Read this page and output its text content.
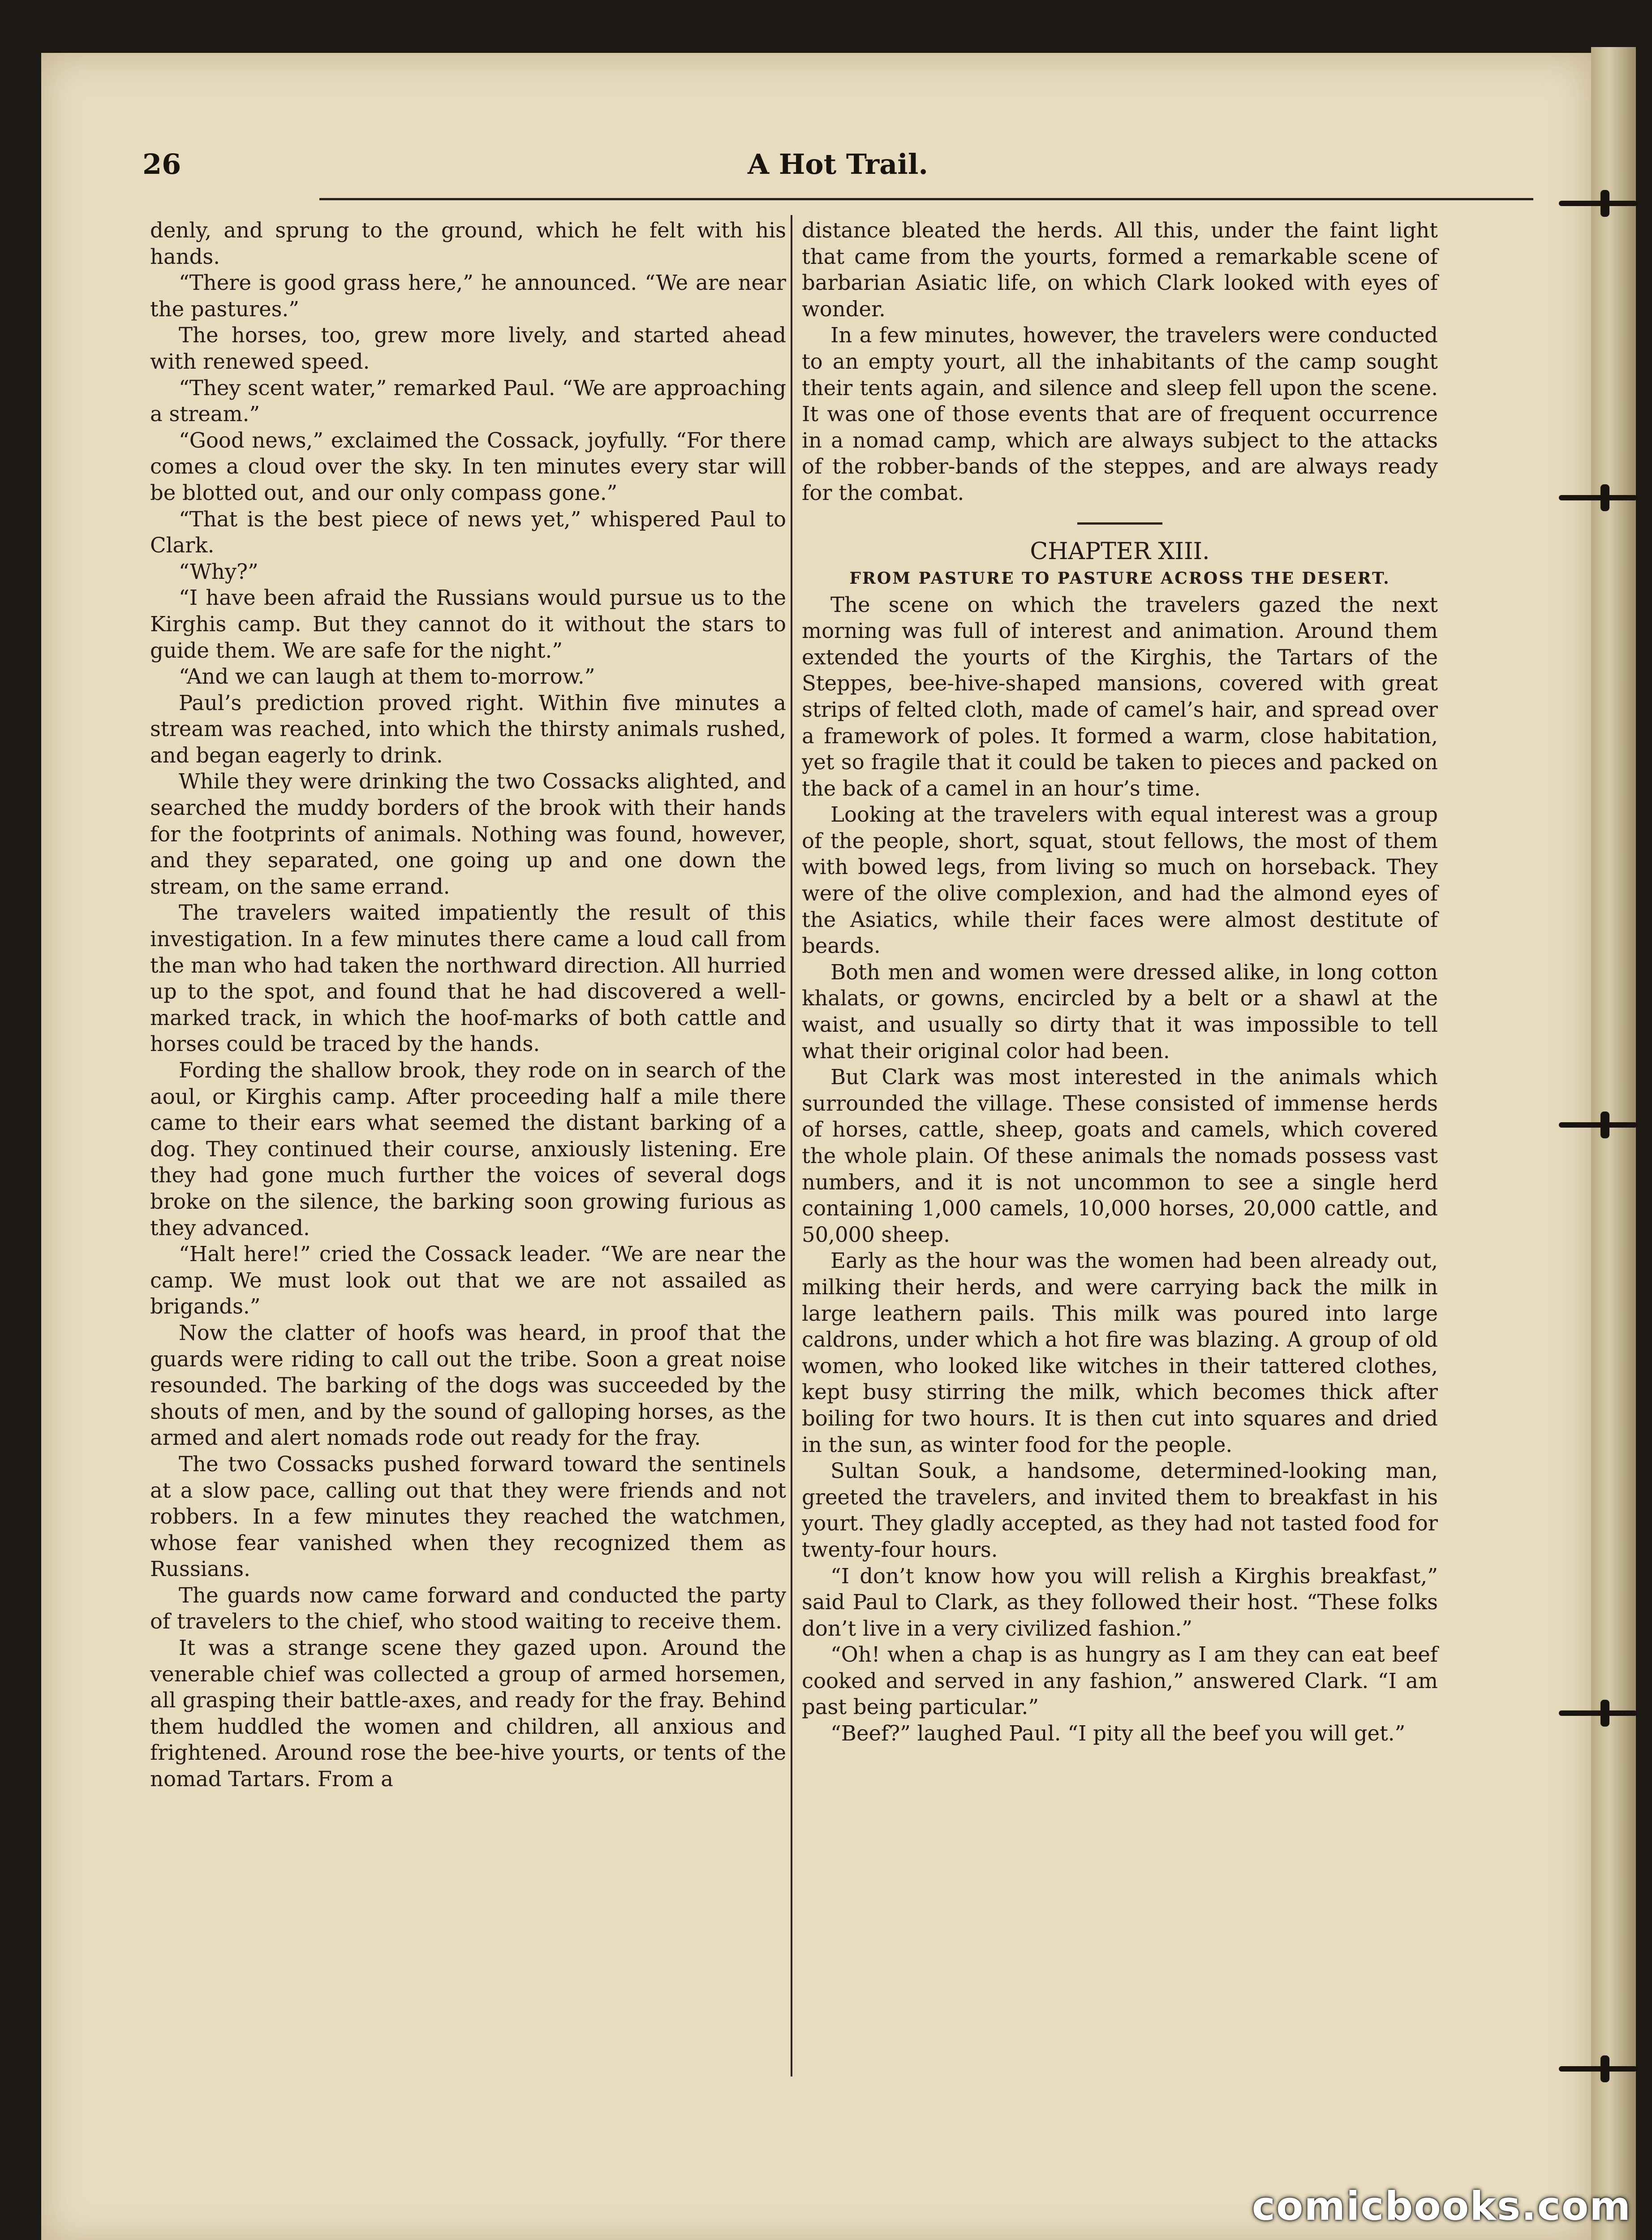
26	A Hot Trail.

denly, and sprung to the ground, which he felt with his hands.

“There is good grass here,” he announced. “We are near the pastures.”

The horses, too, grew more lively, and started ahead with renewed speed.

“They scent water,” remarked Paul. “We are approaching a stream.”

“Good news,” exclaimed the Cossack, joyfully. “For there comes a cloud over the sky. In ten minutes every star will be blotted out, and our only compass gone.”

“That is the best piece of news yet,” whispered Paul to Clark.

“Why?”

“I have been afraid the Russians would pursue us to the Kirghis camp. But they cannot do it without the stars to guide them. We are safe for the night.”

“And we can laugh at them to-morrow.”

Paul’s prediction proved right. Within five minutes a stream was reached, into which the thirsty animals rushed, and began eagerly to drink.

While they were drinking the two Cossacks alighted, and searched the muddy borders of the brook with their hands for the footprints of animals. Nothing was found, however, and they separated, one going up and one down the stream, on the same errand.

The travelers waited impatiently the result of this investigation. In a few minutes there came a loud call from the man who had taken the northward direction. All hurried up to the spot, and found that he had discovered a well-marked track, in which the hoof-marks of both cattle and horses could be traced by the hands.

Fording the shallow brook, they rode on in search of the aoul, or Kirghis camp. After proceeding half a mile there came to their ears what seemed the distant barking of a dog. They continued their course, anxiously listening. Ere they had gone much further the voices of several dogs broke on the silence, the barking soon growing furious as they advanced.

“Halt here!” cried the Cossack leader. “We are near the camp. We must look out that we are not assailed as brigands.”

Now the clatter of hoofs was heard, in proof that the guards were riding to call out the tribe. Soon a great noise resounded. The barking of the dogs was succeeded by the shouts of men, and by the sound of galloping horses, as the armed and alert nomads rode out ready for the fray.

The two Cossacks pushed forward toward the sentinels at a slow pace, calling out that they were friends and not robbers. In a few minutes they reached the watchmen, whose fear vanished when they recognized them as Russians.

The guards now came forward and conducted the party of travelers to the chief, who stood waiting to receive them.

It was a strange scene they gazed upon. Around the venerable chief was collected a group of armed horsemen, all grasping their battle-axes, and ready for the fray. Behind them huddled the women and children, all anxious and frightened. Around rose the bee-hive yourts, or tents of the nomad Tartars. From a

distance bleated the herds. All this, under the faint light that came from the yourts, formed a remarkable scene of barbarian Asiatic life, on which Clark looked with eyes of wonder.

In a few minutes, however, the travelers were conducted to an empty yourt, all the inhabitants of the camp sought their tents again, and silence and sleep fell upon the scene. It was one of those events that are of frequent occurrence in a nomad camp, which are always subject to the attacks of the robber-bands of the steppes, and are always ready for the combat.

CHAPTER XIII.

FROM PASTURE TO PASTURE ACROSS THE DESERT.

The scene on which the travelers gazed the next morning was full of interest and animation. Around them extended the yourts of the Kirghis, the Tartars of the Steppes, bee-hive-shaped mansions, covered with great strips of felted cloth, made of camel’s hair, and spread over a framework of poles. It formed a warm, close habitation, yet so fragile that it could be taken to pieces and packed on the back of a camel in an hour’s time.

Looking at the travelers with equal interest was a group of the people, short, squat, stout fellows, the most of them with bowed legs, from living so much on horseback. They were of the olive complexion, and had the almond eyes of the Asiatics, while their faces were almost destitute of beards.

Both men and women were dressed alike, in long cotton khalats, or gowns, encircled by a belt or a shawl at the waist, and usually so dirty that it was impossible to tell what their original color had been.

But Clark was most interested in the animals which surrounded the village. These consisted of immense herds of horses, cattle, sheep, goats and camels, which covered the whole plain. Of these animals the nomads possess vast numbers, and it is not uncommon to see a single herd containing 1,000 camels, 10,000 horses, 20,000 cattle, and 50,000 sheep.

Early as the hour was the women had been already out, milking their herds, and were carrying back the milk in large leathern pails. This milk was poured into large caldrons, under which a hot fire was blazing. A group of old women, who looked like witches in their tattered clothes, kept busy stirring the milk, which becomes thick after boiling for two hours. It is then cut into squares and dried in the sun, as winter food for the people.

Sultan Souk, a handsome, determined-looking man, greeted the travelers, and invited them to breakfast in his yourt. They gladly accepted, as they had not tasted food for twenty-four hours.

“I don’t know how you will relish a Kirghis breakfast,” said Paul to Clark, as they followed their host. “These folks don’t live in a very civilized fashion.”

“Oh! when a chap is as hungry as I am they can eat beef cooked and served in any fashion,” answered Clark. “I am past being particular.”

“Beef?” laughed Paul. “I pity all the beef you will get.”

comicbooks.com
